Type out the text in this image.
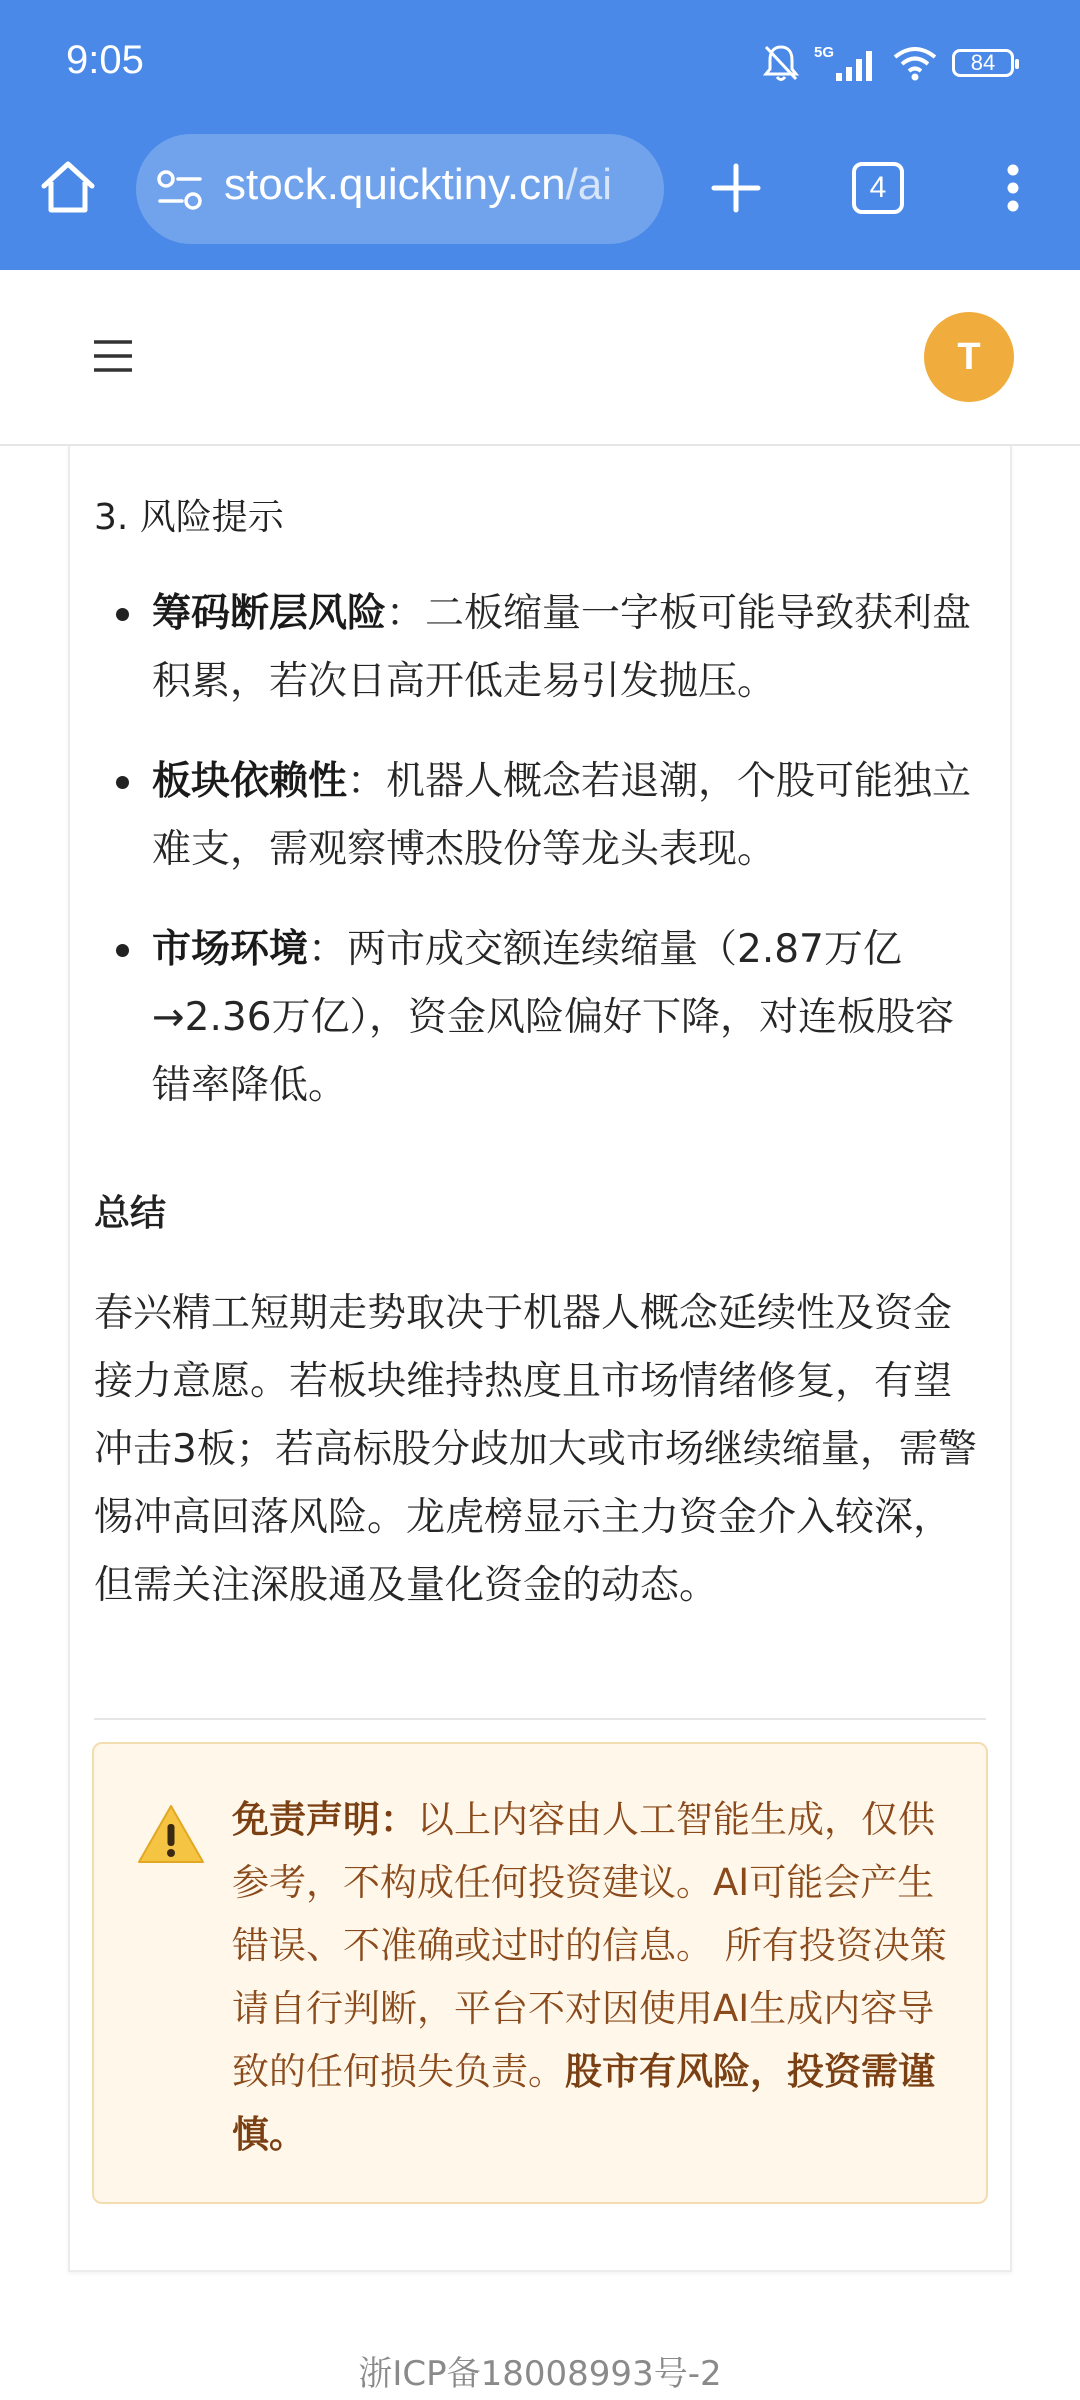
9:05	5G	84
stock.quicktiny.cn/ai	4
T
3. 风险提示
筹码断层风险：二板缩量一字板可能导致获利盘积累，若次日高开低走易引发抛压。
板块依赖性：机器人概念若退潮，个股可能独立难支，需观察博杰股份等龙头表现。
市场环境：两市成交额连续缩量（2.87万亿→2.36万亿），资金风险偏好下降，对连板股容错率降低。
总结
春兴精工短期走势取决于机器人概念延续性及资金接力意愿。若板块维持热度且市场情绪修复，有望冲击3板；若高标股分歧加大或市场继续缩量，需警惕冲高回落风险。龙虎榜显示主力资金介入较深，但需关注深股通及量化资金的动态。
免责声明：以上内容由人工智能生成，仅供参考，不构成任何投资建议。AI可能会产生错误、不准确或过时的信息。 所有投资决策请自行判断，平台不对因使用AI生成内容导致的任何损失负责。股市有风险，投资需谨慎。
浙ICP备18008993号-2
